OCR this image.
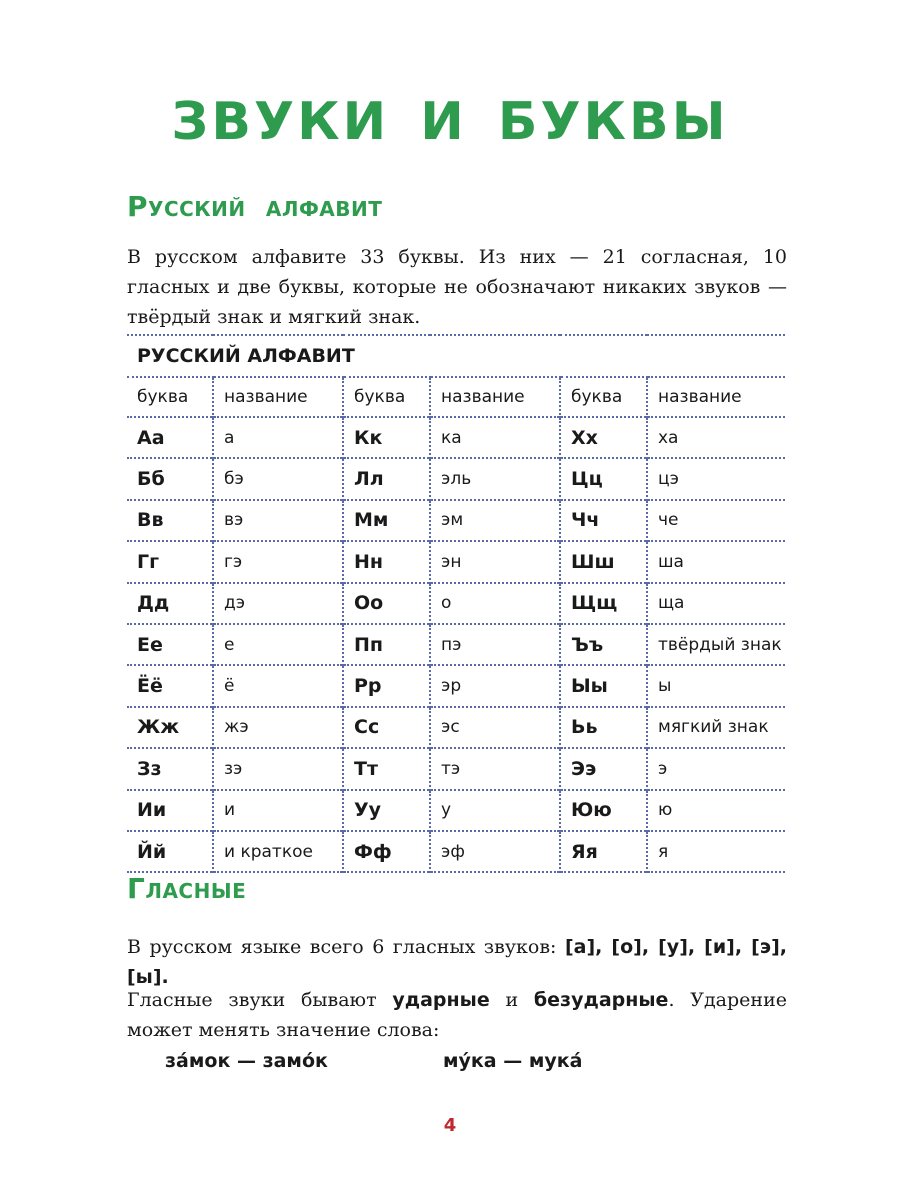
ЗВУКИ И БУКВЫ
Русский алфавит
В русском алфавите 33 буквы. Из них — 21 согласная, 10 гласных и две буквы, которые не обозначают никаких звуков — твёрдый знак и мягкий знак.
РУССКИЙ АЛФАВИТ					
буква	название	буква	название	буква	название
Аа	а	Кк	ка	Хх	ха
Бб	бэ	Лл	эль	Цц	цэ
Вв	вэ	Мм	эм	Чч	че
Гг	гэ	Нн	эн	Шш	ша
Дд	дэ	Оо	о	Щщ	ща
Ее	е	Пп	пэ	Ъъ	твёрдый знак
Ёё	ё	Рр	эр	Ыы	ы
Жж	жэ	Сс	эс	Ьь	мягкий знак
Зз	зэ	Тт	тэ	Ээ	э
Ии	и	Уу	у	Юю	ю
Йй	и краткое	Фф	эф	Яя	я
Гласные
В русском языке всего 6 гласных звуков: [а], [о], [у], [и], [э], [ы].
Гласные звуки бывают ударные и безударные. Ударение может менять значение слова:
за́мок — замо́к	му́ка — мука́
4
